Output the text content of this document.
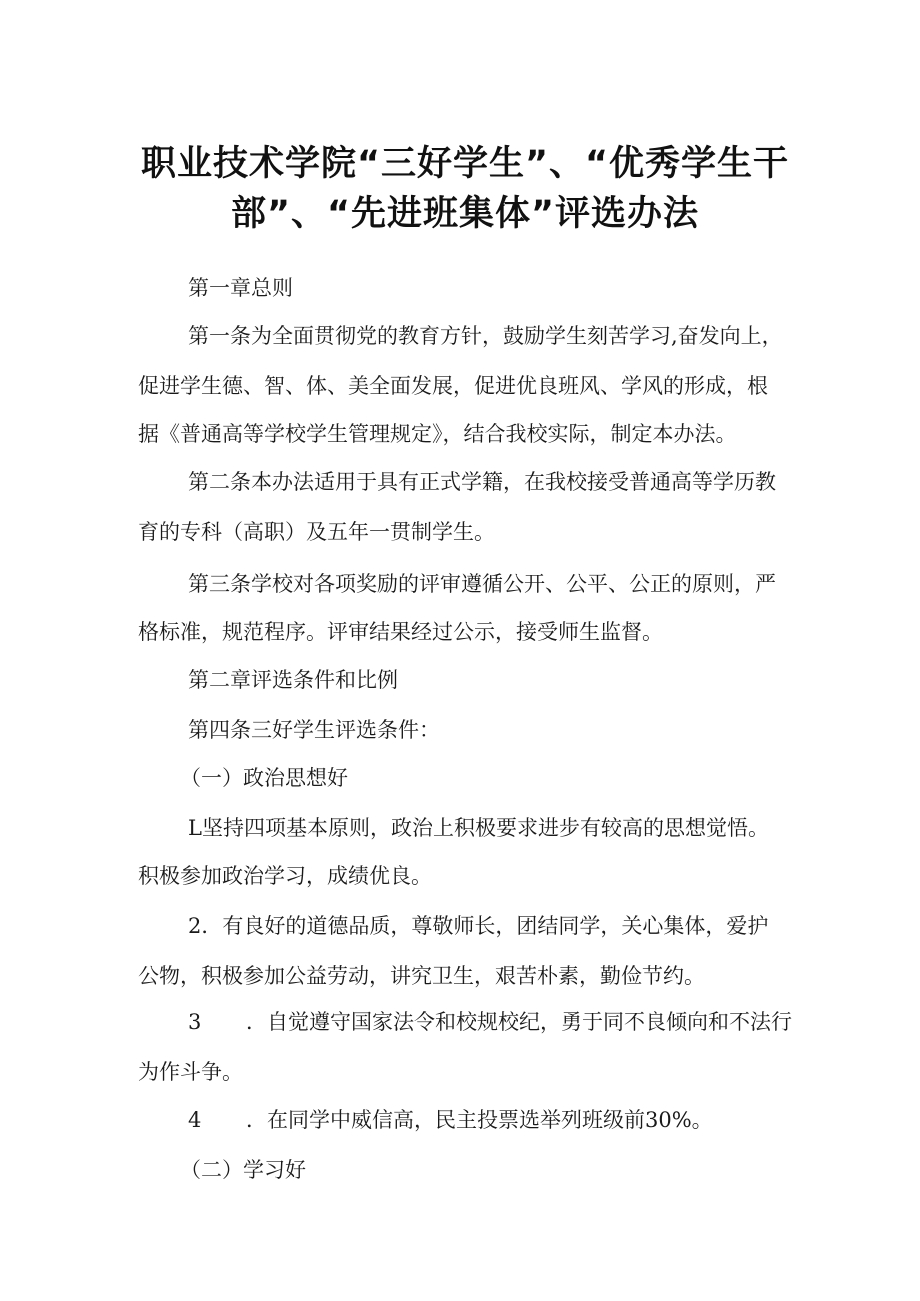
职业技术学院“三好学生”、“优秀学生干
部”、“先进班集体”评选办法
第一章总则
第一条为全面贯彻党的教育方针，鼓励学生刻苦学习,奋发向上，
促进学生德、智、体、美全面发展，促进优良班风、学风的形成，根
据《普通高等学校学生管理规定》，结合我校实际，制定本办法。
第二条本办法适用于具有正式学籍，在我校接受普通高等学历教
育的专科（高职）及五年一贯制学生。
第三条学校对各项奖励的评审遵循公开、公平、公正的原则，严
格标准，规范程序。评审结果经过公示，接受师生监督。
第二章评选条件和比例
第四条三好学生评选条件：
（一）政治思想好
L坚持四项基本原则，政治上积极要求进步有较高的思想觉悟。
积极参加政治学习，成绩优良。
2．有良好的道德品质，尊敬师长，团结同学，关心集体，爱护
公物，积极参加公益劳动，讲究卫生，艰苦朴素，勤俭节约。
3 ．自觉遵守国家法令和校规校纪，勇于同不良倾向和不法行
为作斗争。
4 ．在同学中威信高，民主投票选举列班级前30%。
（二）学习好
